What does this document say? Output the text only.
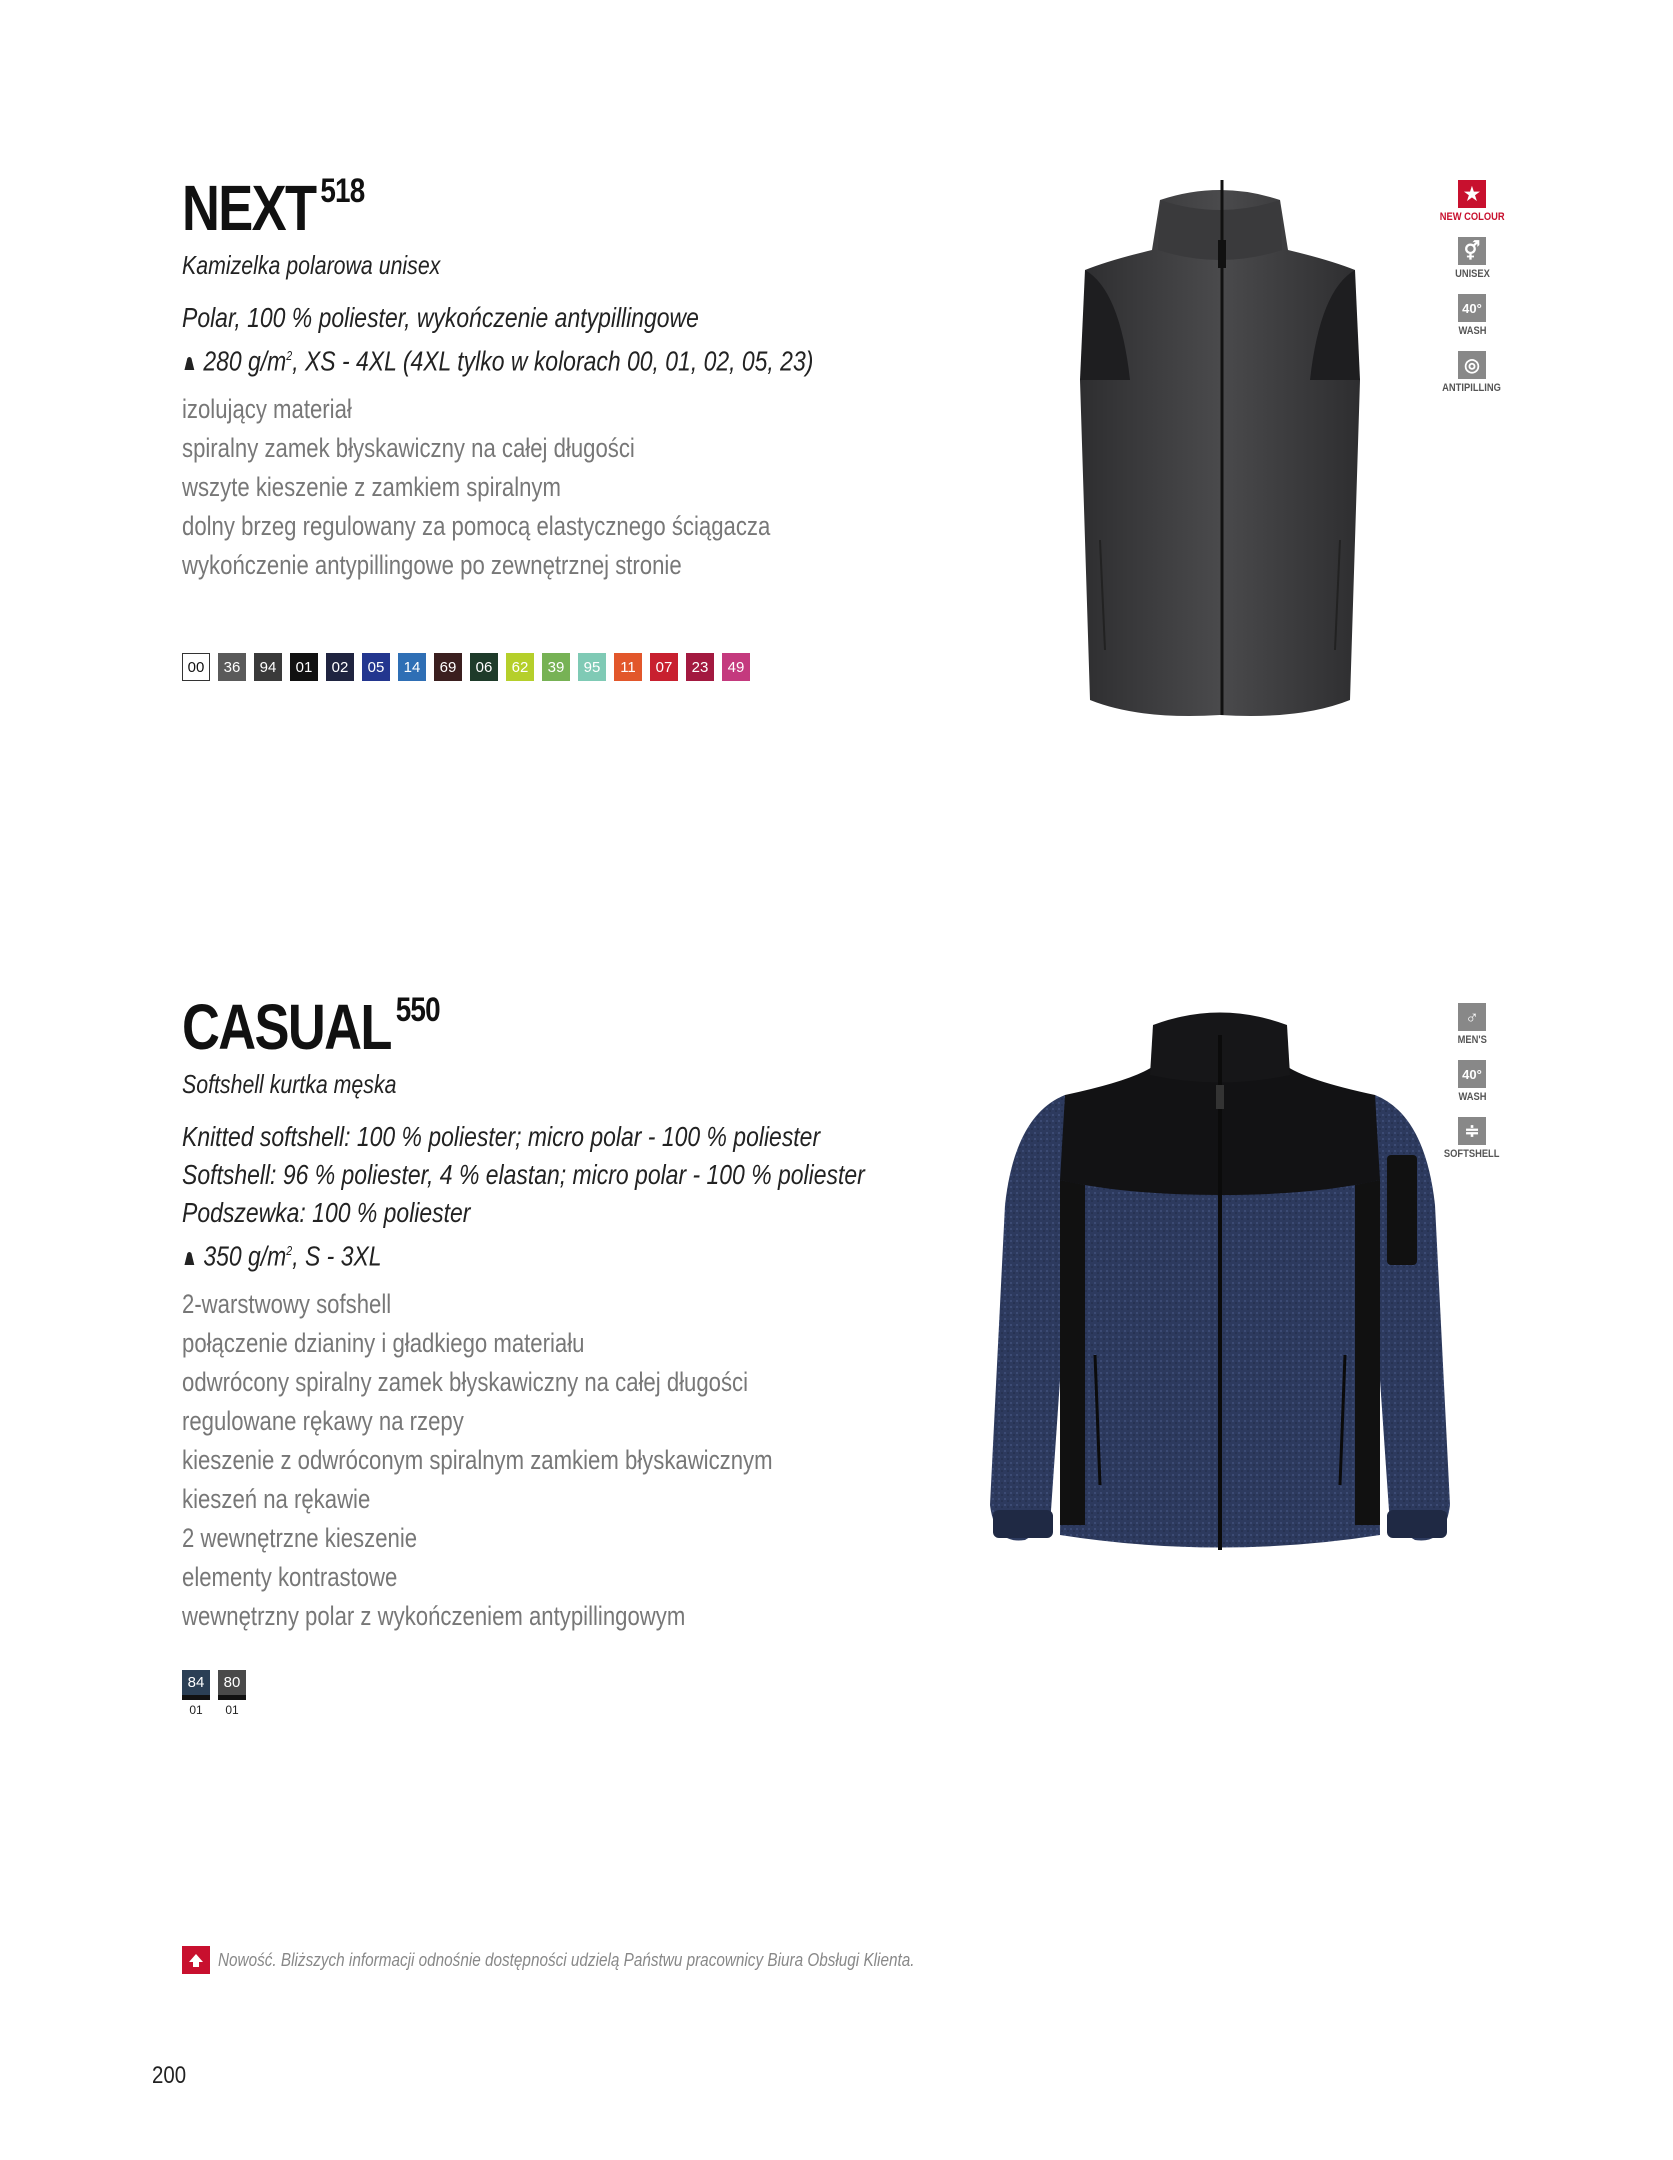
NEXT $^{518}$
Kamizelka polarowa unisex
Polar, 100 % poliester, wykończenie antypillingowe
280 $g/m^2$, XS - 4XL (4XL tylko w kolorach 00, 01, 02, 05, 23)
izolujący materiał
spiralny zamek błyskawiczny na całej długości
wszyte kieszenie z zamkiem spiralnym
dolny brzeg regulowany za pomocą elastycznego ściągacza
wykończenie antypillingowe po zewnętrznej stronie
00	36	94	01	02	05	14	69	06	62	39	95	11	07	23	49
★
NEW COLOUR
⚥
UNISEX
40°
WASH
◎
ANTIPILLING
CASUAL $^{550}$
Softshell kurtka męska
Knitted softshell: 100 % poliester; micro polar - 100 % poliester
Softshell: 96 % poliester, 4 % elastan; micro polar - 100 % poliester
Podszewka: 100 % poliester
350 $g/m^2$, S - 3XL
2-warstwowy sofshell
połączenie dzianiny i gładkiego materiału
odwrócony spiralny zamek błyskawiczny na całej długości
regulowane rękawy na rzepy
kieszenie z odwróconym spiralnym zamkiem błyskawicznym
kieszeń na rękawie
2 wewnętrzne kieszenie
elementy kontrastowe
wewnętrzny polar z wykończeniem antypillingowym
84
01
80
01
♂
MEN'S
40°
WASH
≑
SOFTSHELL
Nowość. Bliższych informacji odnośnie dostępności udzielą Państwu pracownicy Biura Obsługi Klienta.
200
